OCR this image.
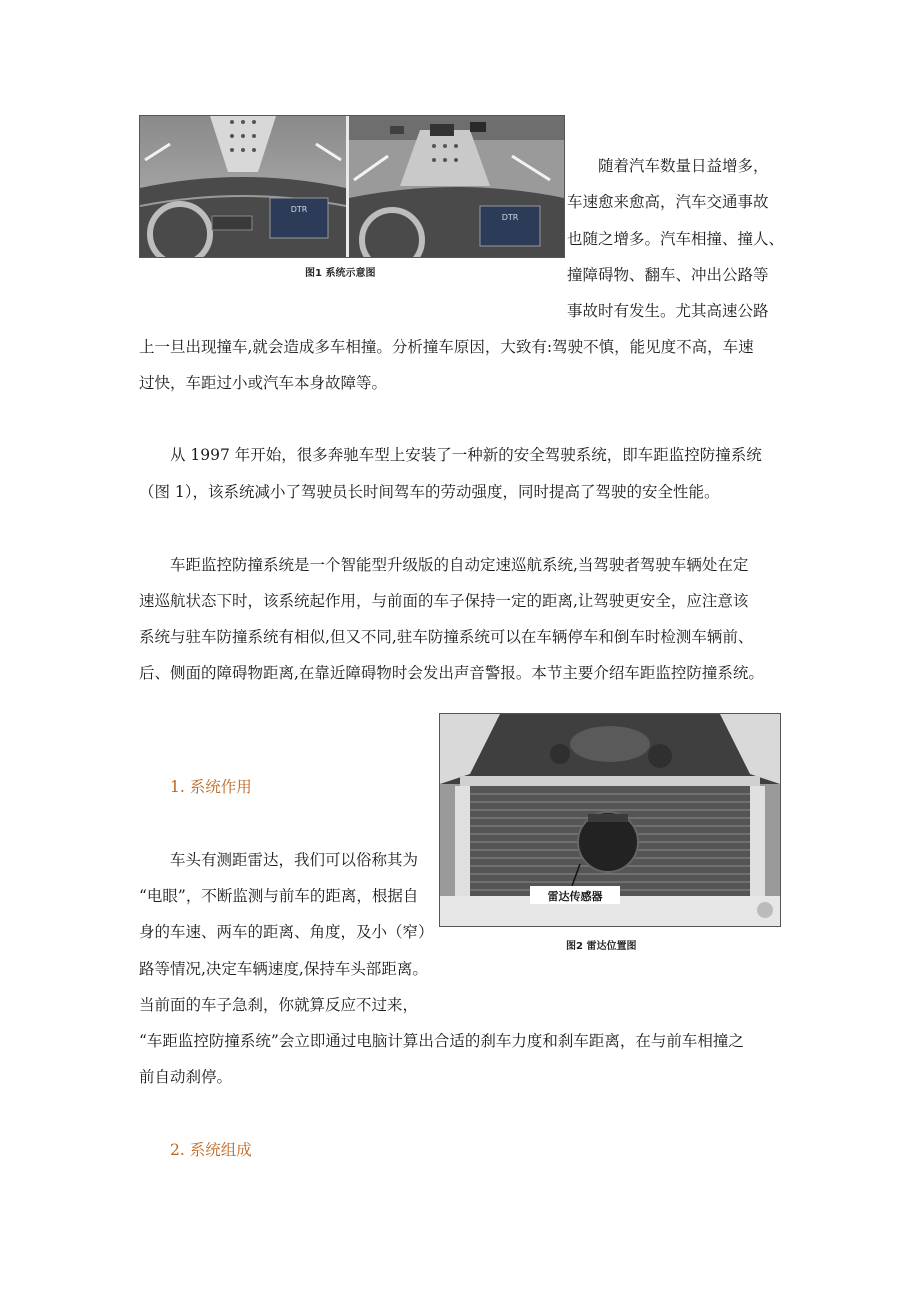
DTR
DTR
图1 系统示意图
随着汽车数量日益增多，
车速愈来愈高，汽车交通事故
也随之增多。汽车相撞、撞人、
撞障碍物、翻车、冲出公路等
事故时有发生。尤其高速公路
上一旦出现撞车,就会造成多车相撞。分析撞车原因，大致有:驾驶不慎，能见度不高，车速
过快，车距过小或汽车本身故障等。
从 1997 年开始，很多奔驰车型上安装了一种新的安全驾驶系统，即车距监控防撞系统
（图 1），该系统减小了驾驶员长时间驾车的劳动强度，同时提高了驾驶的安全性能。
车距监控防撞系统是一个智能型升级版的自动定速巡航系统,当驾驶者驾驶车辆处在定
速巡航状态下时，该系统起作用，与前面的车子保持一定的距离,让驾驶更安全，应注意该
系统与驻车防撞系统有相似,但又不同,驻车防撞系统可以在车辆停车和倒车时检测车辆前、
后、侧面的障碍物距离,在靠近障碍物时会发出声音警报。本节主要介绍车距监控防撞系统。
雷达传感器
图2 雷达位置图
1. 系统作用
车头有测距雷达，我们可以俗称其为
“电眼”，不断监测与前车的距离，根据自
身的车速、两车的距离、角度，及小（窄）
路等情况,决定车辆速度,保持车头部距离。
当前面的车子急刹，你就算反应不过来，
“车距监控防撞系统”会立即通过电脑计算出合适的刹车力度和刹车距离，在与前车相撞之
前自动刹停。
2. 系统组成
